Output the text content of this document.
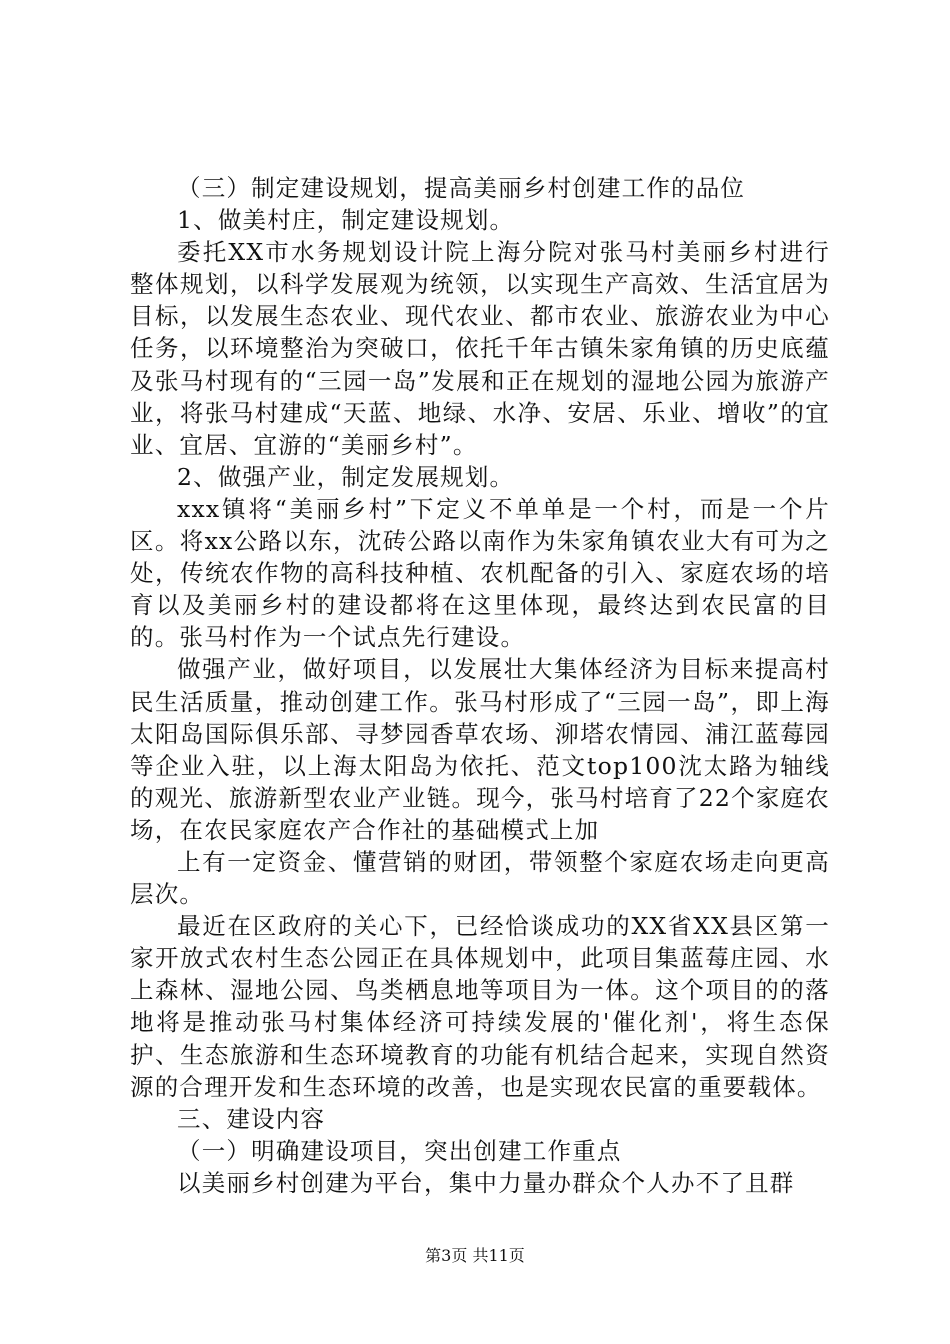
（三）制定建设规划，提高美丽乡村创建工作的品位

1、做美村庄，制定建设规划。

委托XX市水务规划设计院上海分院对张马村美丽乡村进行整体规划，以科学发展观为统领，以实现生产高效、生活宜居为目标，以发展生态农业、现代农业、都市农业、旅游农业为中心任务，以环境整治为突破口，依托千年古镇朱家角镇的历史底蕴及张马村现有的“三园一岛”发展和正在规划的湿地公园为旅游产业，将张马村建成“天蓝、地绿、水净、安居、乐业、增收”的宜业、宜居、宜游的“美丽乡村”。

2、做强产业，制定发展规划。

xxx镇将“美丽乡村”下定义不单单是一个村，而是一个片区。将xx公路以东，沈砖公路以南作为朱家角镇农业大有可为之处，传统农作物的高科技种植、农机配备的引入、家庭农场的培育以及美丽乡村的建设都将在这里体现，最终达到农民富的目的。张马村作为一个试点先行建设。

做强产业，做好项目，以发展壮大集体经济为目标来提高村民生活质量，推动创建工作。张马村形成了“三园一岛”，即上海太阳岛国际俱乐部、寻梦园香草农场、泖塔农情园、浦江蓝莓园等企业入驻，以上海太阳岛为依托、范文top100沈太路为轴线的观光、旅游新型农业产业链。现今，张马村培育了22个家庭农场，在农民家庭农产合作社的基础模式上加

上有一定资金、懂营销的财团，带领整个家庭农场走向更高层次。

最近在区政府的关心下，已经恰谈成功的XX省XX县区第一家开放式农村生态公园正在具体规划中，此项目集蓝莓庄园、水上森林、湿地公园、鸟类栖息地等项目为一体。这个项目的的落地将是推动张马村集体经济可持续发展的'催化剂'，将生态保护、生态旅游和生态环境教育的功能有机结合起来，实现自然资源的合理开发和生态环境的改善，也是实现农民富的重要载体。

三、建设内容

（一）明确建设项目，突出创建工作重点

以美丽乡村创建为平台，集中力量办群众个人办不了且群

第3页 共11页
